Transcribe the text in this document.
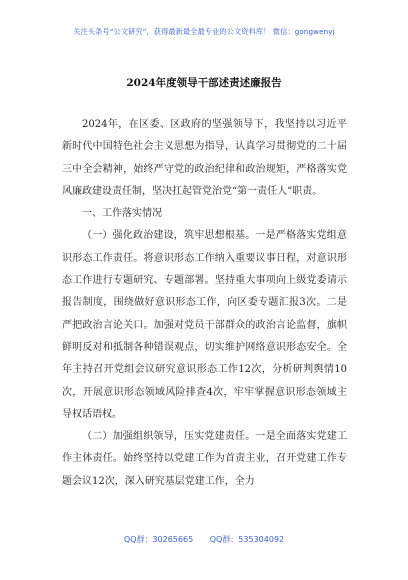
关注头条号“公文研究”，获得最新最全最专业的公文资料库！ 微信：gongwenyj
2024年度领导干部述责述廉报告

2024年，在区委、区政府的坚强领导下，我坚持以习近平新时代中国特色社会主义思想为指导，认真学习贯彻党的二十届三中全会精神，始终严守党的政治纪律和政治规矩，严格落实党风廉政建设责任制，坚决扛起管党治党“第一责任人”职责。

一、工作落实情况

（一）强化政治建设，筑牢思想根基。一是严格落实党组意识形态工作责任。将意识形态工作纳入重要议事日程，对意识形态工作进行专题研究、专题部署。坚持重大事项向上级党委请示报告制度，围绕做好意识形态工作，向区委专题汇报3次。二是严把政治言论关口。加强对党员干部群众的政治言论监督，旗帜鲜明反对和抵制各种错误观点，切实维护网络意识形态安全。全年主持召开党组会议研究意识形态工作12次，分析研判舆情10次，开展意识形态领域风险排查4次，牢牢掌握意识形态领域主导权话语权。

（二）加强组织领导，压实党建责任。一是全面落实党建工作主体责任。始终坚持以党建工作为首责主业，召开党建工作专题会议12次，深入研究基层党建工作，全力

QQ群：30265665 QQ群：535304092
